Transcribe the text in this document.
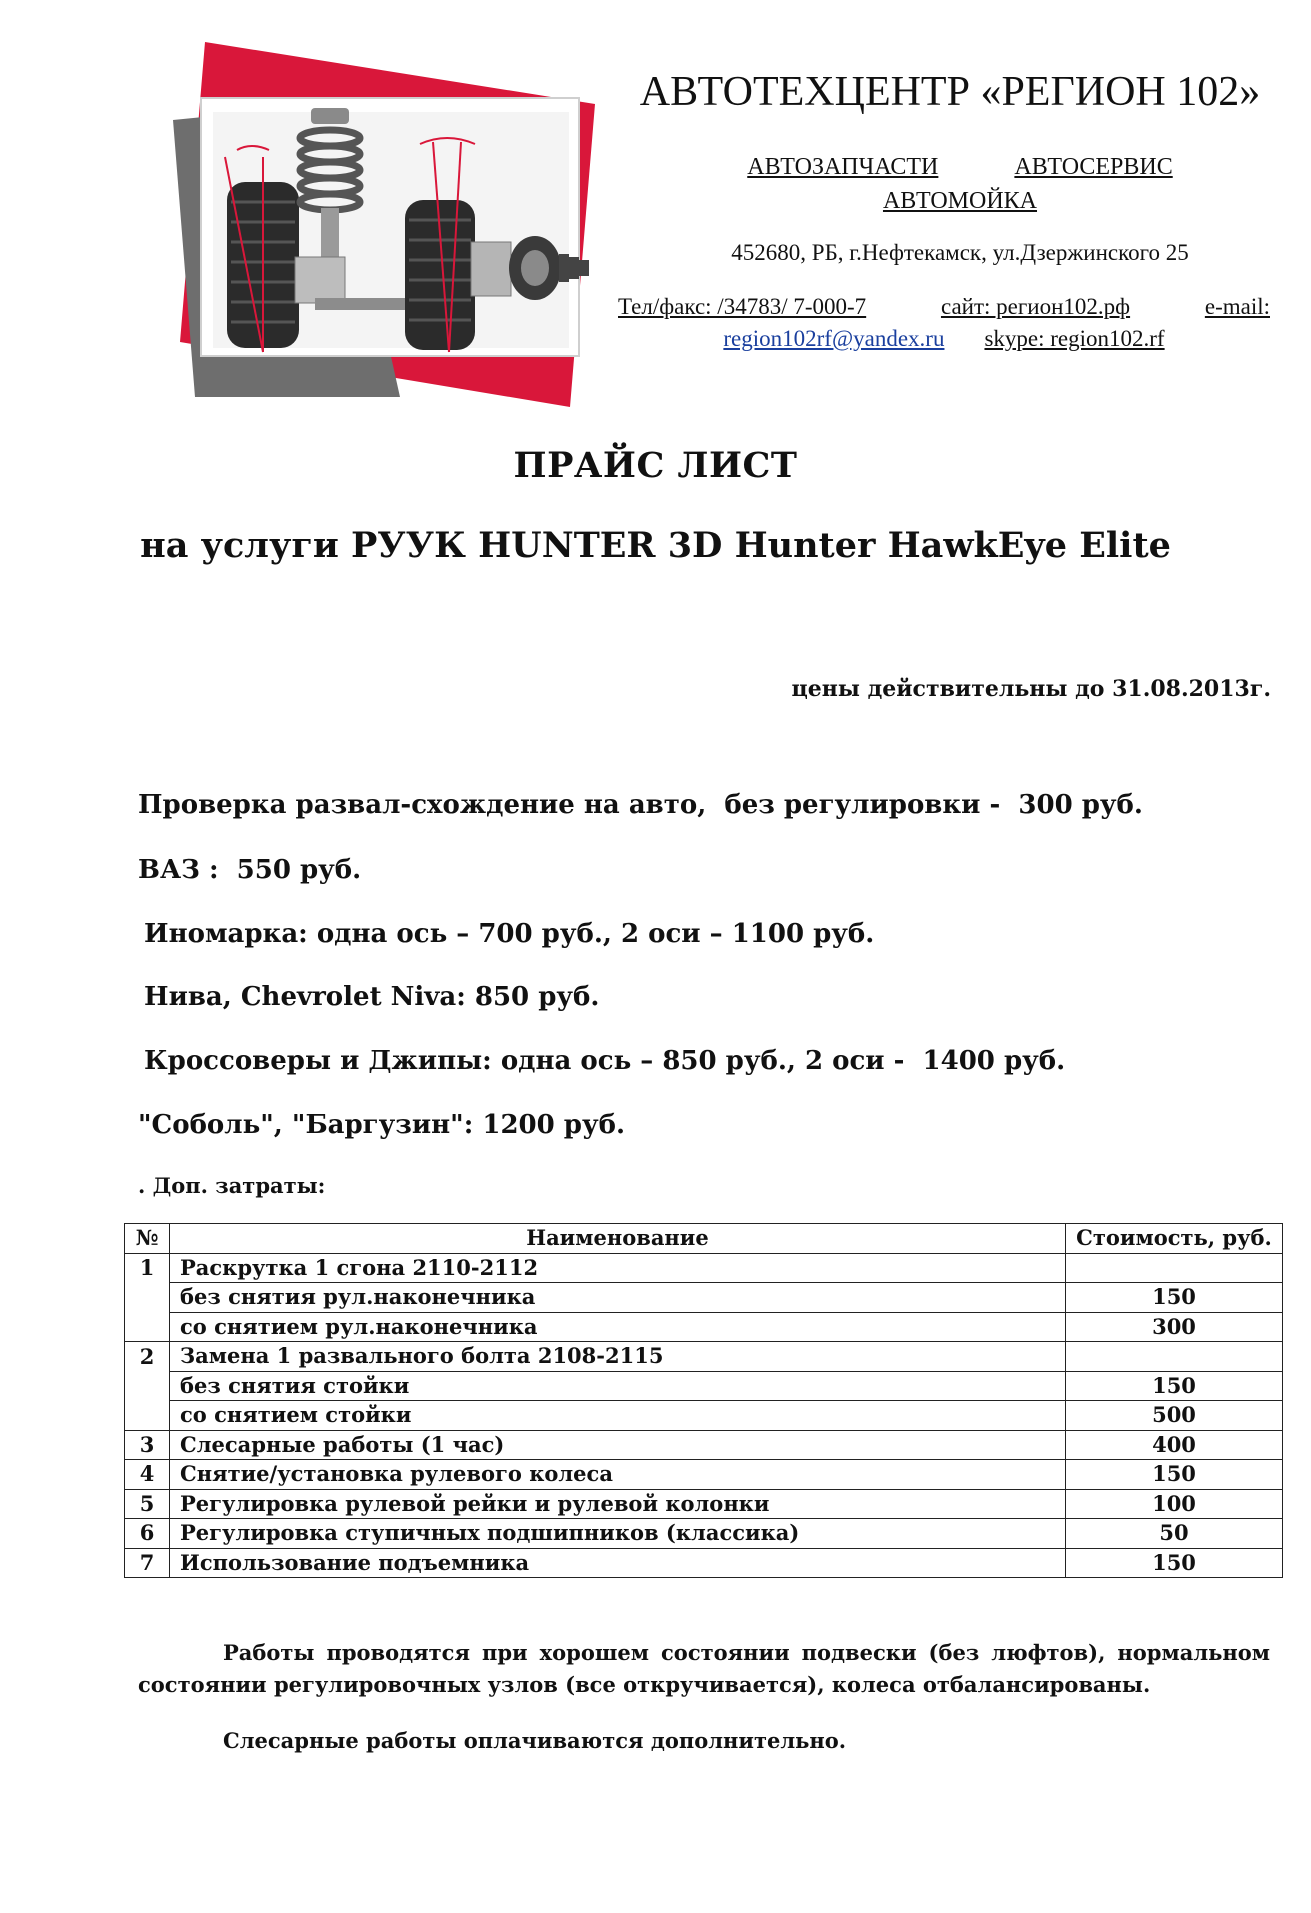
АВТОТЕХЦЕНТР «РЕГИОН 102»
АВТОЗАПЧАСТИ	АВТОСЕРВИС
АВТОМОЙКА
452680, РБ, г.Нефтекамск, ул.Дзержинского 25
Тел/факс: /34783/ 7-000-7	сайт: регион102.рф	e-mail:
region102rf@yandex.ru skype: region102.rf
ПРАЙС ЛИСТ
на услуги РУУК HUNTER 3D Hunter HawkEye Elite
цены действительны до 31.08.2013г.
Проверка развал-схождение на авто,  без регулировки -  300 руб.
ВАЗ :  550 руб.
Иномарка: одна ось – 700 руб., 2 оси – 1100 руб.
Нива, Chevrolet Niva: 850 руб.
Кроссоверы и Джипы: одна ось – 850 руб., 2 оси -  1400 руб.
"Соболь", "Баргузин": 1200 руб.
. Доп. затраты:
№	Наименование	Стоимость, руб.
1	Раскрутка 1 сгона 2110-2112	
	без снятия рул.наконечника	150
	со снятием рул.наконечника	300
2	Замена 1 развального болта 2108-2115	
	без снятия стойки	150
	со снятием стойки	500
3	Слесарные работы (1 час)	400
4	Снятие/установка рулевого колеса	150
5	Регулировка рулевой рейки и рулевой колонки	100
6	Регулировка ступичных подшипников (классика)	50
7	Использование подъемника	150
Работы проводятся при хорошем состоянии подвески (без люфтов), нормальном состоянии регулировочных узлов (все откручивается), колеса отбалансированы.
Слесарные работы оплачиваются дополнительно.
